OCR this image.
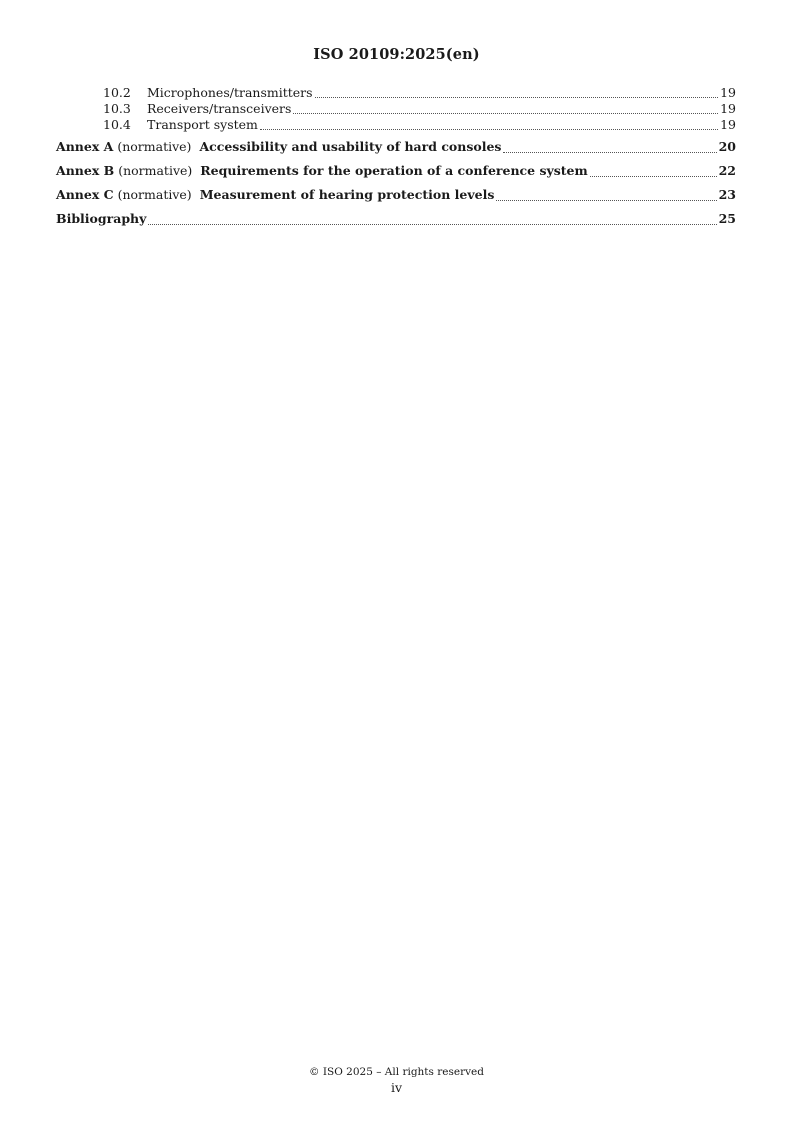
ISO 20109:2025(en)
10.2	Microphones/transmitters	19
10.3	Receivers/transceivers	19
10.4	Transport system	19
Annex A (normative) Accessibility and usability of hard consoles	20
Annex B (normative) Requirements for the operation of a conference system	22
Annex C (normative) Measurement of hearing protection levels	23
Bibliography	25
© ISO 2025 – All rights reserved
iv
